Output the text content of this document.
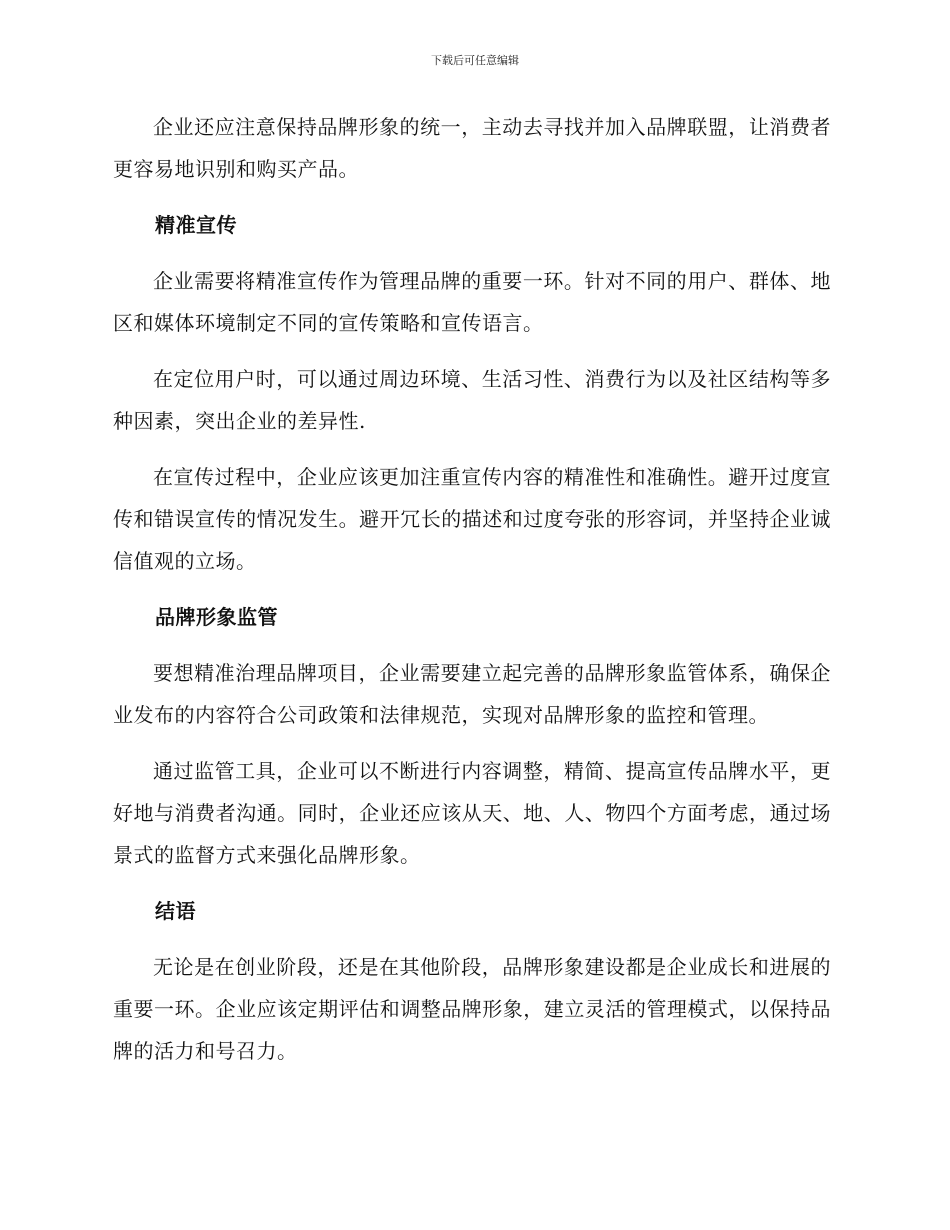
下载后可任意编辑

企业还应注意保持品牌形象的统一，主动去寻找并加入品牌联盟，让消费者更容易地识别和购买产品。

精准宣传

企业需要将精准宣传作为管理品牌的重要一环。针对不同的用户、群体、地区和媒体环境制定不同的宣传策略和宣传语言。

在定位用户时，可以通过周边环境、生活习性、消费行为以及社区结构等多种因素，突出企业的差异性.

在宣传过程中，企业应该更加注重宣传内容的精准性和准确性。避开过度宣传和错误宣传的情况发生。避开冗长的描述和过度夸张的形容词，并坚持企业诚信值观的立场。

品牌形象监管

要想精准治理品牌项目，企业需要建立起完善的品牌形象监管体系，确保企业发布的内容符合公司政策和法律规范，实现对品牌形象的监控和管理。

通过监管工具，企业可以不断进行内容调整，精简、提高宣传品牌水平，更好地与消费者沟通。同时，企业还应该从天、地、人、物四个方面考虑，通过场景式的监督方式来强化品牌形象。

结语

无论是在创业阶段，还是在其他阶段，品牌形象建设都是企业成长和进展的重要一环。企业应该定期评估和调整品牌形象，建立灵活的管理模式，以保持品牌的活力和号召力。
